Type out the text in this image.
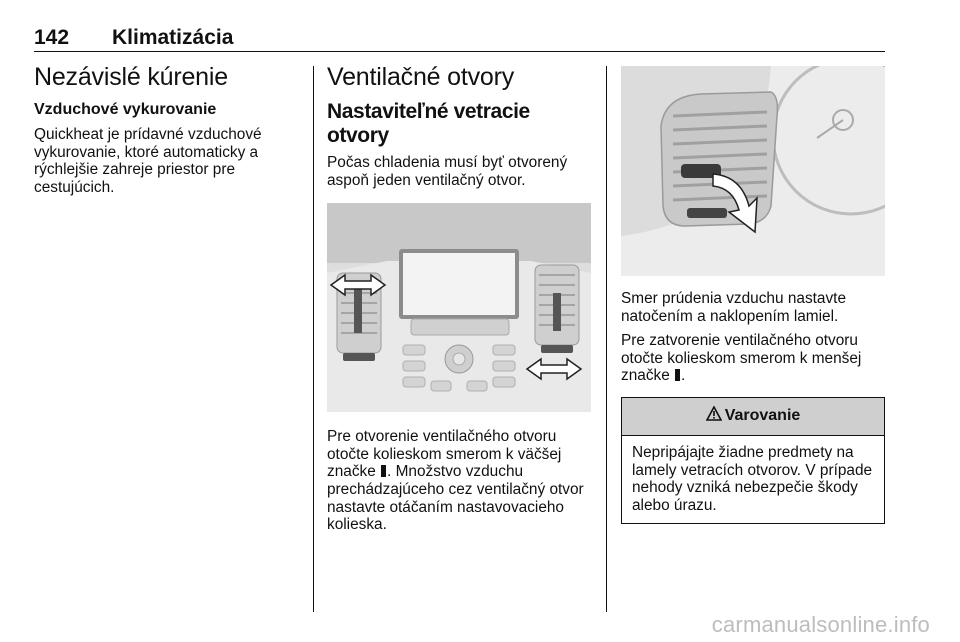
142 Klimatizácia
Nezávislé kúrenie
Vzduchové vykurovanie

Quickheat je prídavné vzduchové vykurovanie, ktoré automaticky a rýchlejšie zahreje priestor pre cestujúcich.

Ventilačné otvory
Nastaviteľné vetracie otvory

Počas chladenia musí byť otvorený aspoň jeden ventilačný otvor.

Pre otvorenie ventilačného otvoru otočte kolieskom smerom k väčšej značke . Množstvo vzduchu prechádzajúceho cez ventilačný otvor nastavte otáčaním nastavovacieho kolieska.

Smer prúdenia vzduchu nastavte natočením a naklopením lamiel.

Pre zatvorenie ventilačného otvoru otočte kolieskom smerom k menšej značke .

Varovanie

Nepripájajte žiadne predmety na lamely vetracích otvorov. V prípade nehody vzniká nebezpečie škody alebo úrazu.

carmanualsonline.info
